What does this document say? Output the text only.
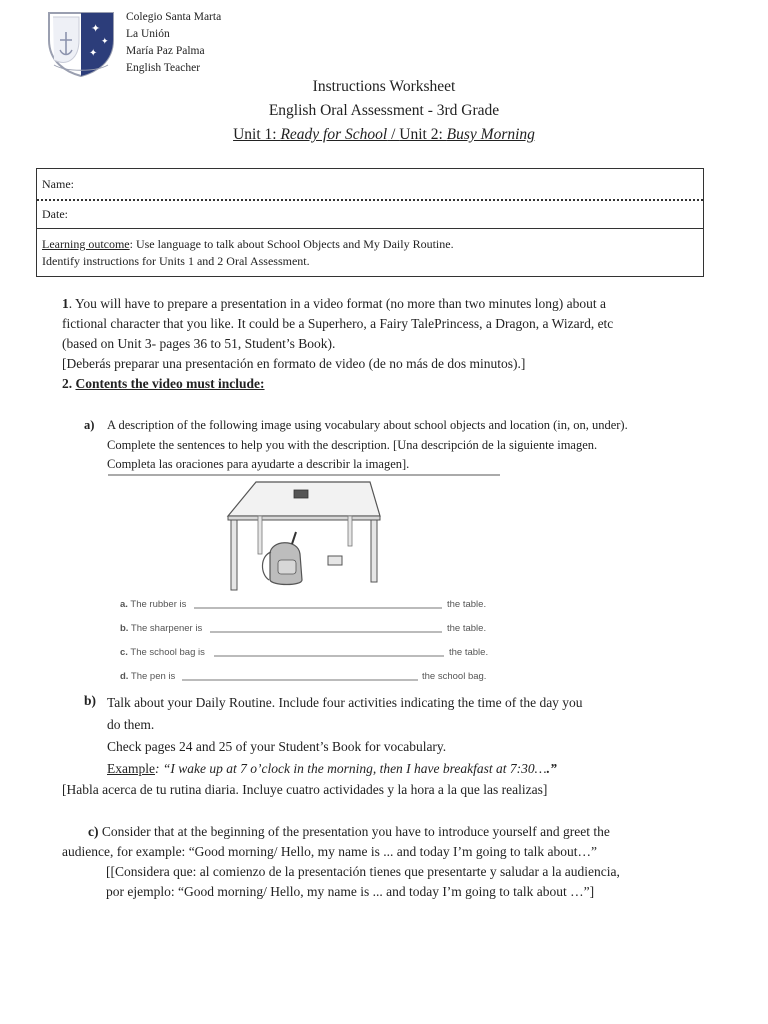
✦
✦
✦
Colegio Santa Marta
La Unión
María Paz Palma
English Teacher
Instructions Worksheet
English Oral Assessment - 3rd Grade
Unit 1: Ready for School / Unit 2: Busy Morning
Name:
Date:
Learning outcome: Use language to talk about School Objects and My Daily Routine.
Identify instructions for Units 1 and 2 Oral Assessment.
1. You will have to prepare a presentation in a video format (no more than two minutes long) about a
fictional character that you like. It could be a Superhero, a Fairy TalePrincess, a Dragon, a Wizard, etc
(based on Unit 3- pages 36 to 51, Student’s Book).
[Deberás preparar una presentación en formato de video (de no más de dos minutos).]
2. Contents the video must include:
a) A description of the following image using vocabulary about school objects and location (in, on, under).
Complete the sentences to help you with the description. [Una descripción de la siguiente imagen.
Completa las oraciones para ayudarte a describir la imagen].
a. The rubber is	the table.
b. The sharpener is	the table.
c. The school bag is	the table.
d. The pen is	the school bag.
b) Talk about your Daily Routine. Include four activities indicating the time of the day you
do them.
Check pages 24 and 25 of your Student’s Book for vocabulary.
Example: “I wake up at 7 o’clock in the morning, then I have breakfast at 7:30….”
[Habla acerca de tu rutina diaria. Incluye cuatro actividades y la hora a la que las realizas]
c) Consider that at the beginning of the presentation you have to introduce yourself and greet the
audience, for example: “Good morning/ Hello, my name is ... and today I’m going to talk about…”
[[Considera que: al comienzo de la presentación tienes que presentarte y saludar a la audiencia,
por ejemplo: “Good morning/ Hello, my name is ... and today I’m going to talk about …”]
